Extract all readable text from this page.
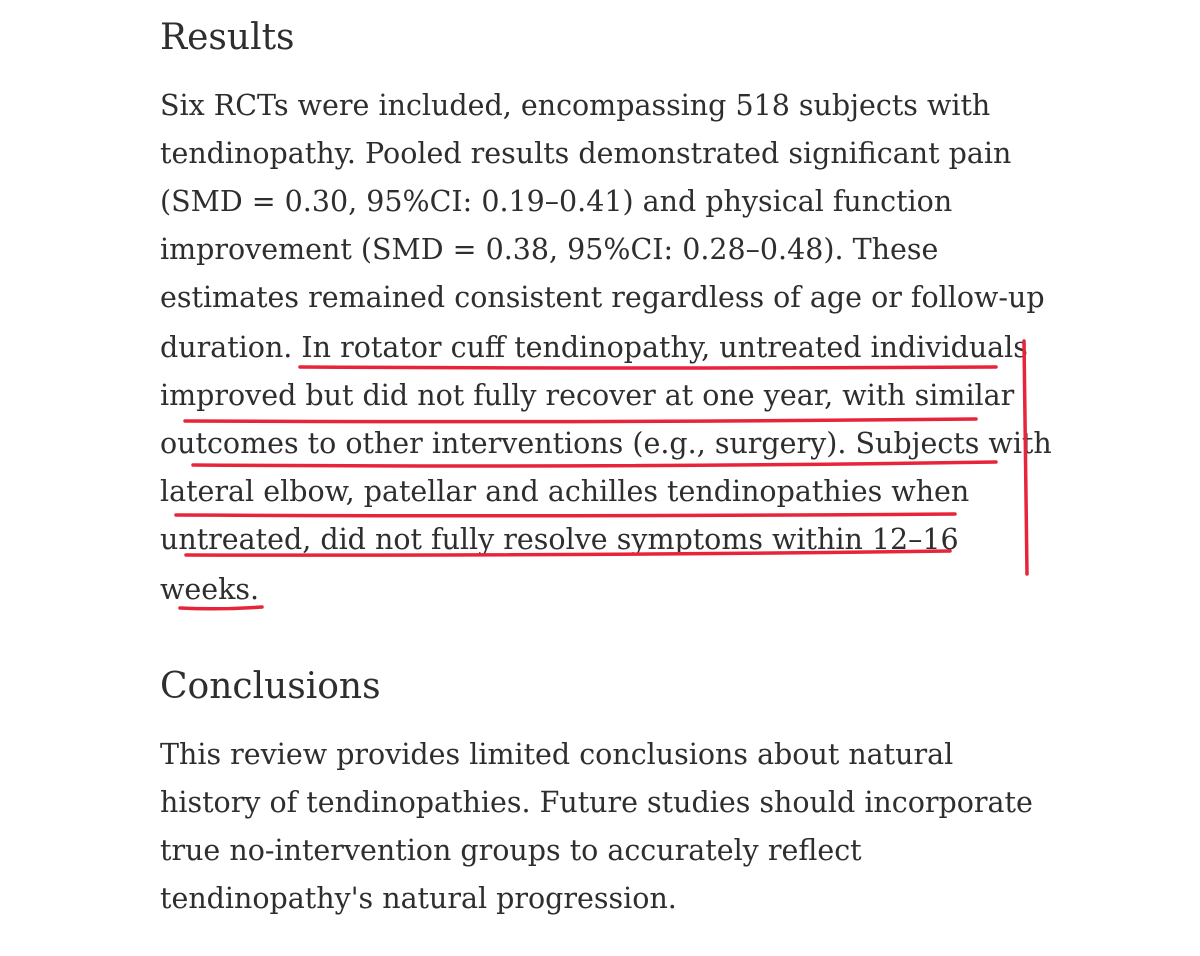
Results
Six RCTs were included, encompassing 518 subjects with
tendinopathy. Pooled results demonstrated significant pain
(SMD = 0.30, 95%CI: 0.19–0.41) and physical function
improvement (SMD = 0.38, 95%CI: 0.28–0.48). These
estimates remained consistent regardless of age or follow-up
duration. In rotator cuff tendinopathy, untreated individuals
improved but did not fully recover at one year, with similar
outcomes to other interventions (e.g., surgery). Subjects with
lateral elbow, patellar and achilles tendinopathies when
untreated, did not fully resolve symptoms within 12–16
weeks.
Conclusions
This review provides limited conclusions about natural
history of tendinopathies. Future studies should incorporate
true no-intervention groups to accurately reflect
tendinopathy's natural progression.
